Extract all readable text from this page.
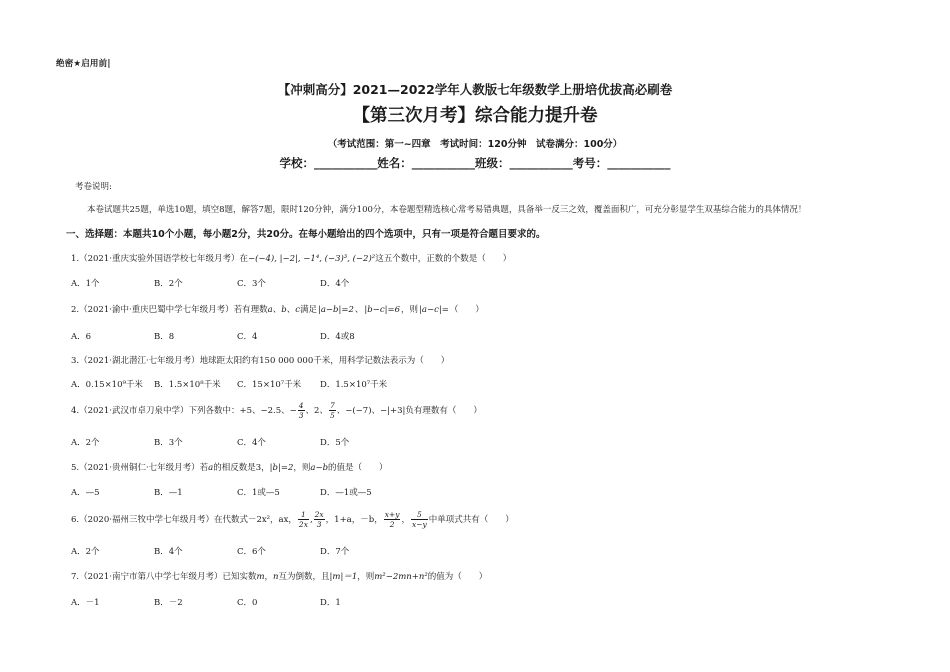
绝密★启用前|
【冲刺高分】2021—2022学年人教版七年级数学上册培优拔高必刷卷
【第三次月考】综合能力提升卷
（考试范围：第一~四章　考试时间：120分钟　试卷满分：100分）
学校：___________姓名：___________班级：___________考号：___________
考卷说明:
本卷试题共25题，单选10题，填空8题，解答7题，限时120分钟，满分100分，本卷题型精选核心常考易错典题，具备举一反三之效，覆盖面积广，可充分彰显学生双基综合能力的具体情况！
一、选择题：本题共10个小题，每小题2分，共20分。在每小题给出的四个选项中，只有一项是符合题目要求的。
1.（2021·重庆实验外国语学校七年级月考）在−(−4), |−2|, −1⁴, (−3)³, (−2)²这五个数中，正数的个数是（　　）
A．1个	B．2个	C．3个	D．4个
2.（2021·渝中·重庆巴蜀中学七年级月考）若有理数a、b、c满足|a−b|=2、|b−c|=6，则|a−c|=（　　）
A．6	B．8	C．4	D．4或8
3.（2021·湖北潜江·七年级月考）地球距太阳约有150 000 000千米，用科学记数法表示为（　　）
A．0.15×10⁹千米 B．1.5×10⁸千米 C．15×10⁷千米 D．1.5×10⁷千米
4.（2021·武汉市卓刀泉中学）下列各数中：+5、−2.5、− $\frac{4}{3}$ 、2、 $\frac{7}{5}$ 、−(−7)、−|+3|负有理数有（　　）
A．2个	B．3个	C．4个	D．5个
5.（2021·贵州铜仁·七年级月考）若a的相反数是3，|b|=2，则a−b的值是（　　）
A．—5	B．—1	C．1或—5	D．—1或—5
6.（2020·福州三牧中学七年级月考）在代数式－2x²，ax， $\frac{1}{2x}$ , $\frac{2x}{3}$ ，1+a，－b， $\frac{x+y}{2}$ ， $\frac{5}{x-y}$ 中单项式共有（　　）
A．2个	B．4个	C．6个	D．7个
7.（2021·南宁市第八中学七年级月考）已知实数m，n互为倒数，且|m|＝1，则m²−2mn+n²的值为（　　）
A．－1	B．－2	C．0	D．1
